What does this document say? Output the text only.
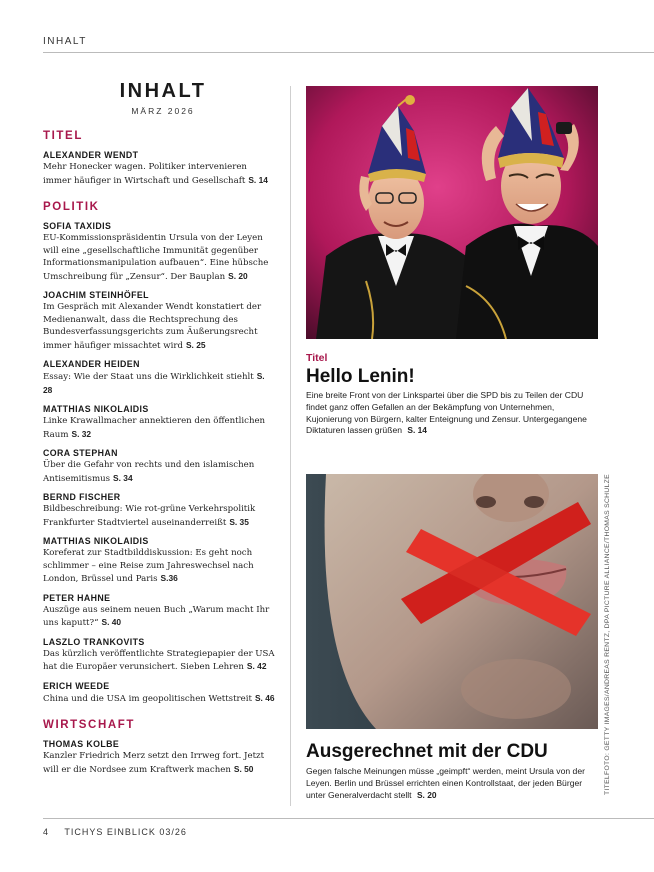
INHALT
INHALT
MÄRZ 2026
TITEL
ALEXANDER WENDT
Mehr Honecker wagen. Politiker intervenieren immer häufiger in Wirtschaft und Gesellschaft S. 14
POLITIK
SOFIA TAXIDIS
EU-Kommissionspräsidentin Ursula von der Leyen will eine „gesellschaftliche Immunität gegenüber Informationsmanipulation aufbauen“. Eine hübsche Umschreibung für „Zensur“. Der Bauplan S. 20
JOACHIM STEINHÖFEL
Im Gespräch mit Alexander Wendt konstatiert der Medienanwalt, dass die Rechtsprechung des Bundesverfassungsgerichts zum Äußerungsrecht immer häufiger missachtet wird S. 25
ALEXANDER HEIDEN
Essay: Wie der Staat uns die Wirklichkeit stiehlt S. 28
MATTHIAS NIKOLAIDIS
Linke Krawallmacher annektieren den öffentlichen Raum S. 32
CORA STEPHAN
Über die Gefahr von rechts und den islamischen Antisemitismus S. 34
BERND FISCHER
Bildbeschreibung: Wie rot-grüne Verkehrspolitik Frankfurter Stadtviertel auseinanderreißt S. 35
MATTHIAS NIKOLAIDIS
Koreferat zur Stadtbilddiskussion: Es geht noch schlimmer – eine Reise zum Jahreswechsel nach London, Brüssel und Paris S.36
PETER HAHNE
Auszüge aus seinem neuen Buch „Warum macht Ihr uns kaputt?“ S. 40
LASZLO TRANKOVITS
Das kürzlich veröffentlichte Strategiepapier der USA hat die Europäer verunsichert. Sieben Lehren S. 42
ERICH WEEDE
China und die USA im geopolitischen Wettstreit S. 46
WIRTSCHAFT
THOMAS KOLBE
Kanzler Friedrich Merz setzt den Irrweg fort. Jetzt will er die Nordsee zum Kraftwerk machen S. 50
Titel
Hello Lenin!
Eine breite Front von der Linkspartei über die SPD bis zu Teilen der CDU findet ganz offen Gefallen an der Bekämpfung von Unternehmen, Kujonierung von Bürgern, kalter Enteignung und Zensur. Untergegangene Diktaturen lassen grüßen S. 14
TITELFOTO: GETTY IMAGES/ANDREAS RENTZ, DPA PICTURE ALLIANCE/THOMAS SCHULZE
Ausgerechnet mit der CDU
Gegen falsche Meinungen müsse „geimpft“ werden, meint Ursula von der Leyen. Berlin und Brüssel errichten einen Kontrollstaat, der jeden Bürger unter Generalverdacht stellt S. 20
4 TICHYS EINBLICK 03/26
